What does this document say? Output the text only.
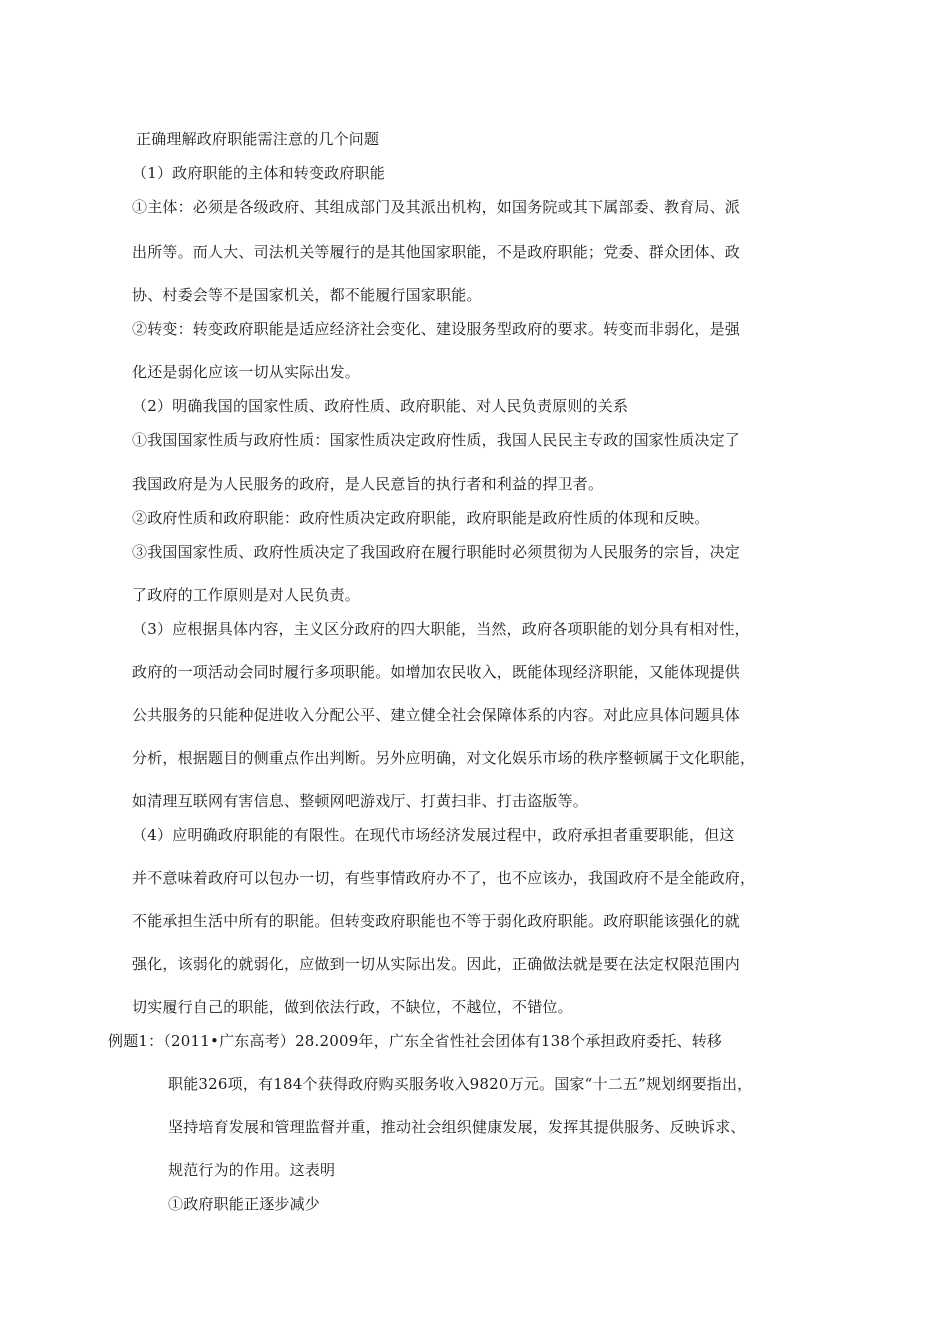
正确理解政府职能需注意的几个问题
（1）政府职能的主体和转变政府职能
①主体：必须是各级政府、其组成部门及其派出机构，如国务院或其下属部委、教育局、派
出所等。而人大、司法机关等履行的是其他国家职能，不是政府职能；党委、群众团体、政
协、村委会等不是国家机关，都不能履行国家职能。
②转变：转变政府职能是适应经济社会变化、建设服务型政府的要求。转变而非弱化，是强
化还是弱化应该一切从实际出发。
（2）明确我国的国家性质、政府性质、政府职能、对人民负责原则的关系
①我国国家性质与政府性质：国家性质决定政府性质，我国人民民主专政的国家性质决定了
我国政府是为人民服务的政府，是人民意旨的执行者和利益的捍卫者。
②政府性质和政府职能：政府性质决定政府职能，政府职能是政府性质的体现和反映。
③我国国家性质、政府性质决定了我国政府在履行职能时必须贯彻为人民服务的宗旨，决定
了政府的工作原则是对人民负责。
（3）应根据具体内容，主义区分政府的四大职能，当然，政府各项职能的划分具有相对性，
政府的一项活动会同时履行多项职能。如增加农民收入，既能体现经济职能，又能体现提供
公共服务的只能种促进收入分配公平、建立健全社会保障体系的内容。对此应具体问题具体
分析，根据题目的侧重点作出判断。另外应明确，对文化娱乐市场的秩序整顿属于文化职能，
如清理互联网有害信息、整顿网吧游戏厅、打黄扫非、打击盗版等。
（4）应明确政府职能的有限性。在现代市场经济发展过程中，政府承担者重要职能，但这
并不意味着政府可以包办一切，有些事情政府办不了，也不应该办，我国政府不是全能政府，
不能承担生活中所有的职能。但转变政府职能也不等于弱化政府职能。政府职能该强化的就
强化，该弱化的就弱化，应做到一切从实际出发。因此，正确做法就是要在法定权限范围内
切实履行自己的职能，做到依法行政，不缺位，不越位，不错位。
例题1：（2011•广东高考）28.2009年，广东全省性社会团体有138个承担政府委托、转移
职能326项，有184个获得政府购买服务收入9820万元。国家“十二五”规划纲要指出，
坚持培育发展和管理监督并重，推动社会组织健康发展，发挥其提供服务、反映诉求、
规范行为的作用。这表明
①政府职能正逐步减少
